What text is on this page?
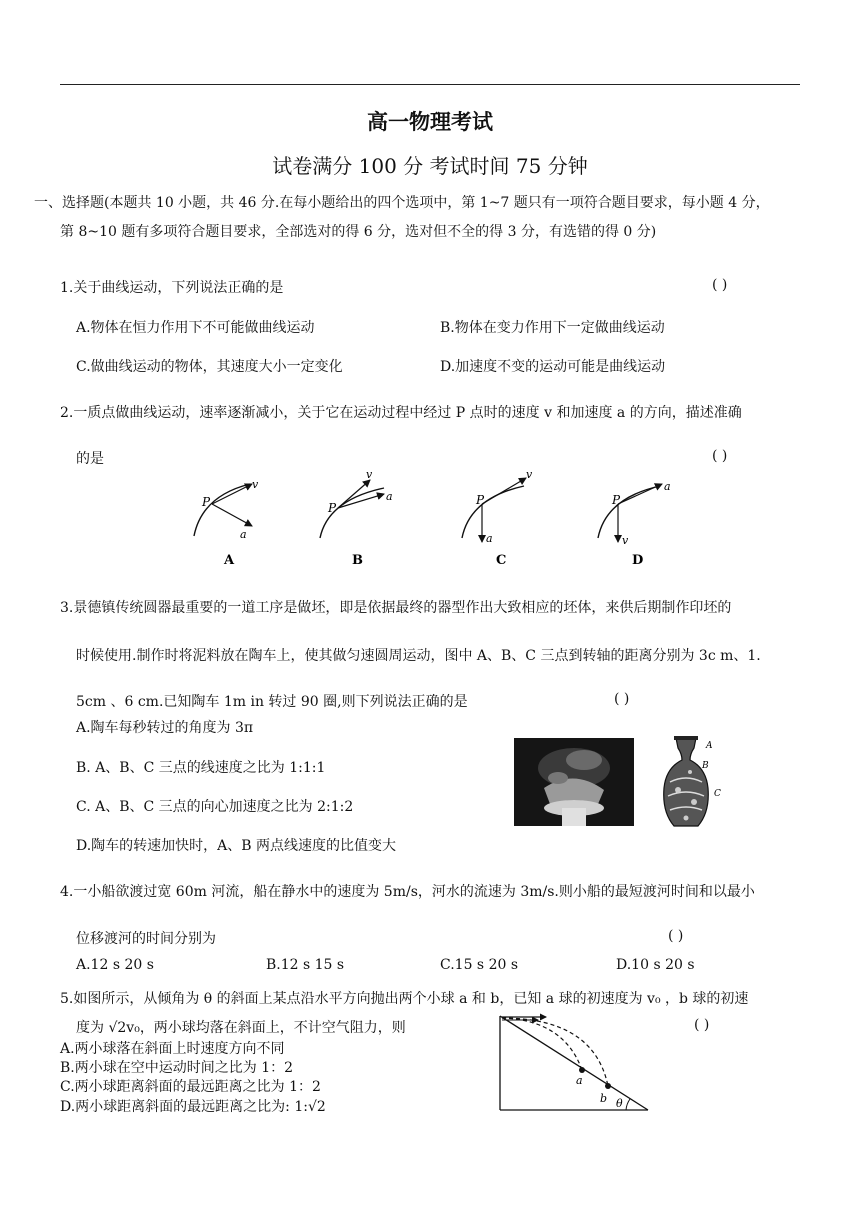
高一物理考试
试卷满分 100 分 考试时间 75 分钟
一、选择题(本题共 10 小题，共 46 分.在每小题给出的四个选项中，第 1~7 题只有一项符合题目要求，每小题 4 分，
第 8~10 题有多项符合题目要求，全部选对的得 6 分，选对但不全的得 3 分，有选错的得 0 分)
1.关于曲线运动，下列说法正确的是	( )
A.物体在恒力作用下不可能做曲线运动	B.物体在变力作用下一定做曲线运动
C.做曲线运动的物体，其速度大小一定变化	D.加速度不变的运动可能是曲线运动
2.一质点做曲线运动，速率逐渐减小，关于它在运动过程中经过 P 点时的速度 v 和加速度 a 的方向，描述准确
的是	( )
P
v
a
A
P
v
a
B
P
v
a
C
P
a
v
D
3.景德镇传统圆器最重要的一道工序是做坯，即是依据最终的器型作出大致相应的坯体，来供后期制作印坯的
时候使用.制作时将泥料放在陶车上，使其做匀速圆周运动，图中 A、B、C 三点到转轴的距离分别为 3c m、1.
5cm 、6 cm.已知陶车 1m in 转过 90 圈,则下列说法正确的是	( )
A.陶车每秒转过的角度为 3π
B. A、B、C 三点的线速度之比为 1:1:1
C. A、B、C 三点的向心加速度之比为 2:1:2
D.陶车的转速加快时，A、B 两点线速度的比值变大
A
B
C
4.一小船欲渡过宽 60m 河流，船在静水中的速度为 5m/s，河水的流速为 3m/s.则小船的最短渡河时间和以最小
位移渡河的时间分别为	( )
A.12 s 20 s	B.12 s 15 s	C.15 s 20 s	D.10 s 20 s
5.如图所示，从倾角为 θ 的斜面上某点沿水平方向抛出两个小球 a 和 b，已知 a 球的初速度为 v₀ ，b 球的初速
度为 √2v₀，两小球均落在斜面上，不计空气阻力，则	( )
A.两小球落在斜面上时速度方向不同
B.两小球在空中运动时间之比为 1：2
C.两小球距离斜面的最远距离之比为 1：2
D.两小球距离斜面的最远距离之比为: 1:√2
a
b θ
